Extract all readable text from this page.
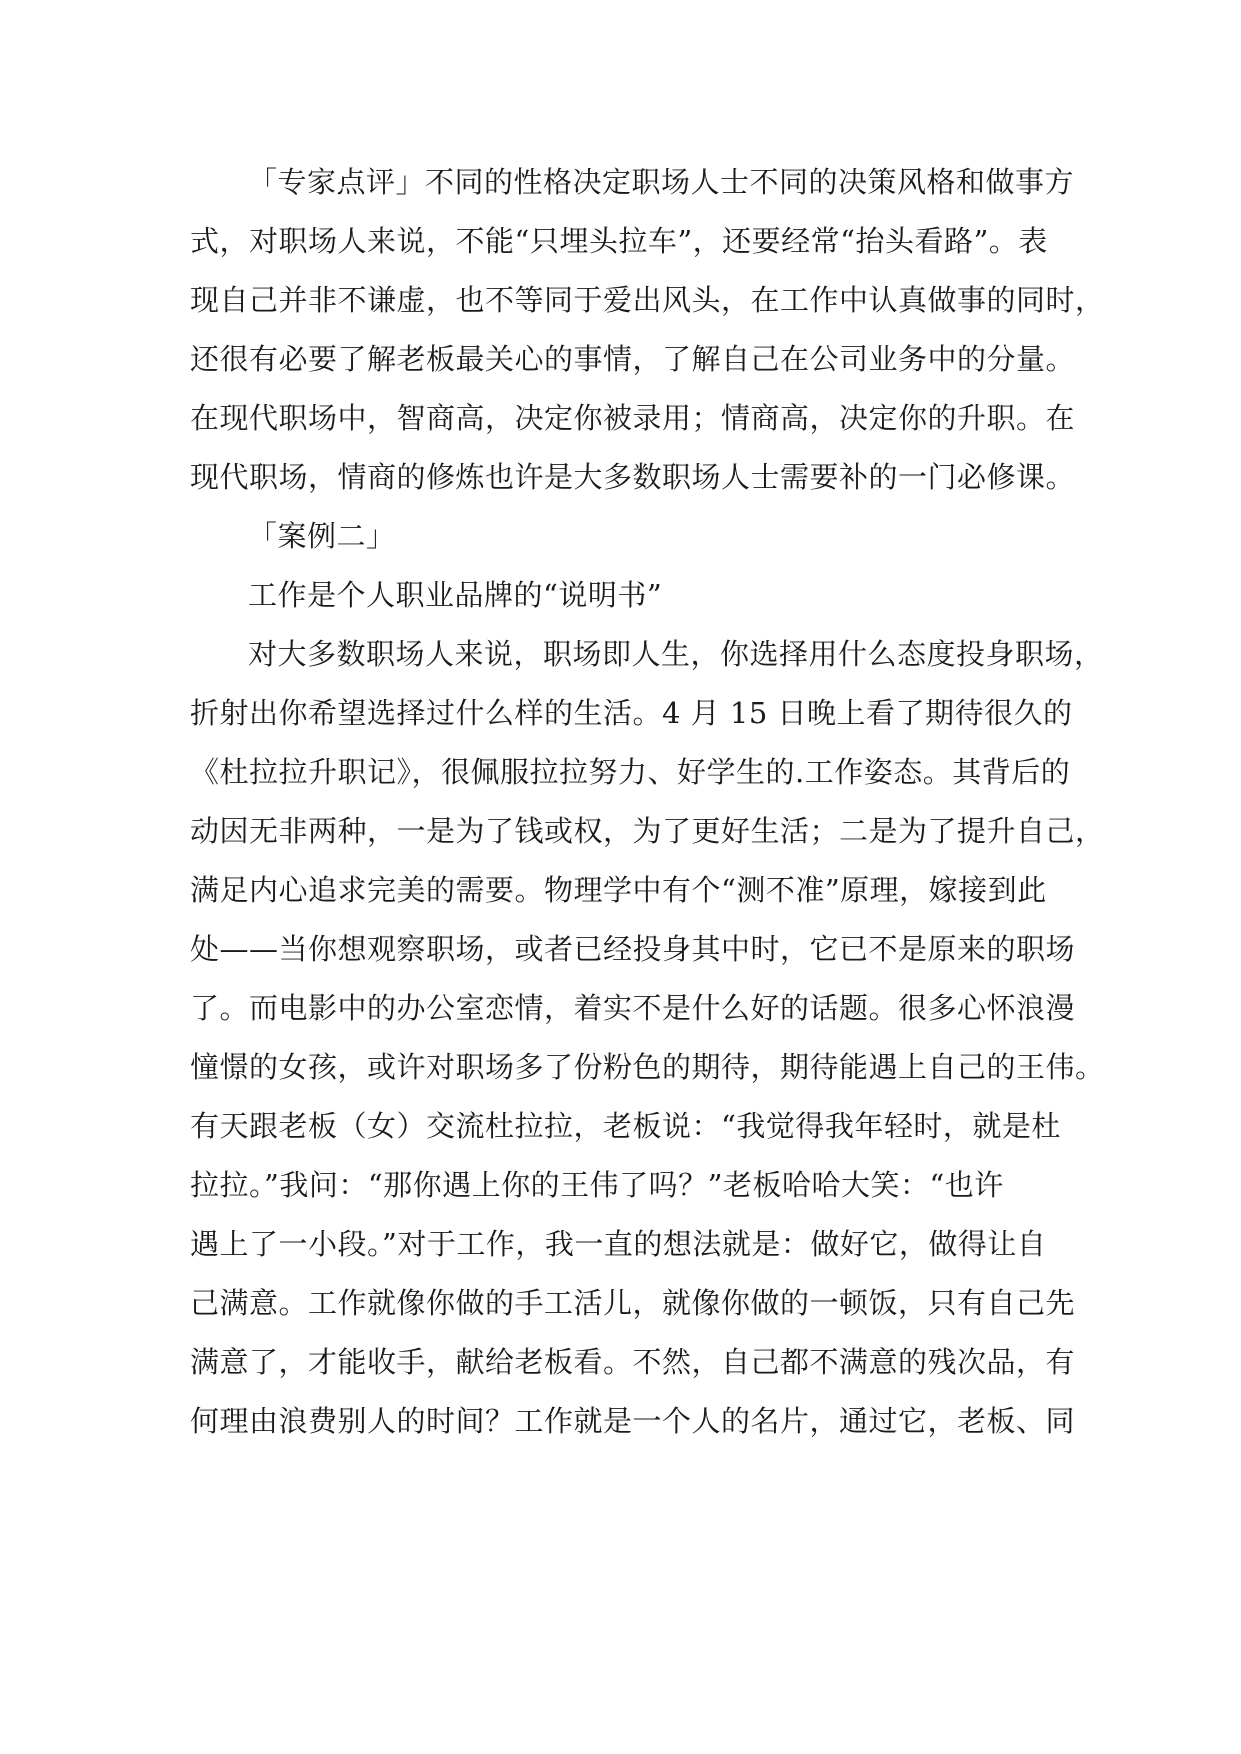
「专家点评」不同的性格决定职场人士不同的决策风格和做事方
式，对职场人来说，不能“只埋头拉车”，还要经常“抬头看路”。表
现自己并非不谦虚，也不等同于爱出风头，在工作中认真做事的同时，
还很有必要了解老板最关心的事情，了解自己在公司业务中的分量。
在现代职场中，智商高，决定你被录用；情商高，决定你的升职。在
现代职场，情商的修炼也许是大多数职场人士需要补的一门必修课。
「案例二」
工作是个人职业品牌的“说明书”
对大多数职场人来说，职场即人生，你选择用什么态度投身职场，
折射出你希望选择过什么样的生活。4 月 15 日晚上看了期待很久的
《杜拉拉升职记》，很佩服拉拉努力、好学生的.工作姿态。其背后的
动因无非两种，一是为了钱或权，为了更好生活；二是为了提升自己，
满足内心追求完美的需要。物理学中有个“测不准”原理，嫁接到此
处——当你想观察职场，或者已经投身其中时，它已不是原来的职场
了。而电影中的办公室恋情，着实不是什么好的话题。很多心怀浪漫
憧憬的女孩，或许对职场多了份粉色的期待，期待能遇上自己的王伟。
有天跟老板（女）交流杜拉拉，老板说：“我觉得我年轻时，就是杜
拉拉。”我问：“那你遇上你的王伟了吗？”老板哈哈大笑：“也许
遇上了一小段。”对于工作，我一直的想法就是：做好它，做得让自
己满意。工作就像你做的手工活儿，就像你做的一顿饭，只有自己先
满意了，才能收手，献给老板看。不然，自己都不满意的残次品，有
何理由浪费别人的时间？工作就是一个人的名片，通过它，老板、同
